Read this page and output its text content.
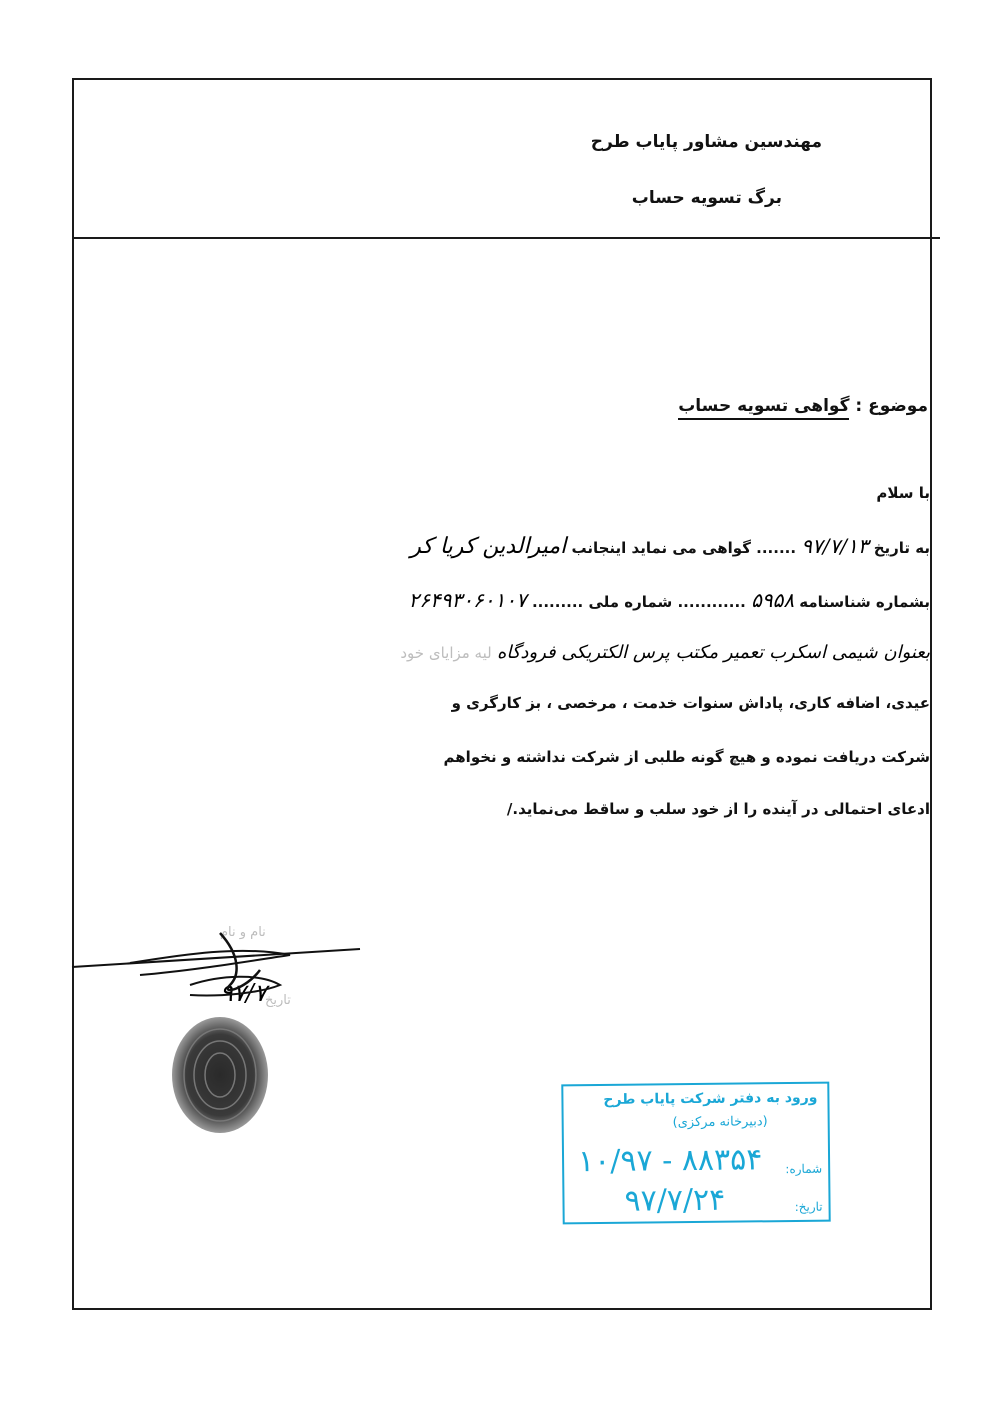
مهندسین مشاور پایاب طرح
برگ تسویه حساب
موضوع : گواهی تسویه حساب
با سلام
به تاریخ ۹۷/۷/۱۳ ....... گواهی می نماید اینجانب امیرالدین کریا کر
بشماره شناسنامه ۵۹۵۸ ............ شماره ملی ......... ۲۶۴۹۳۰۶۰۱۰۷
بعنوان شیمی اسکرب تعمیر مکتب پرس الکتریکی فرودگاه لیه مزایای خود
عیدی، اضافه کاری، پاداش سنوات خدمت ، مرخصی ، بز کارگری و
شرکت دریافت نموده و هیچ گونه طلبی از شرکت نداشته و نخواهم
ادعای احتمالی در آینده را از خود سلب و ساقط می‌نماید./
نام و نام
تاریخ
۹۷/۷
ورود به دفتر شرکت پایاب طرح
(دبیرخانه مرکزی)
شماره:
۱۰/۹۷ - ۸۸۳۵۴
تاریخ:
۹۷/۷/۲۴
